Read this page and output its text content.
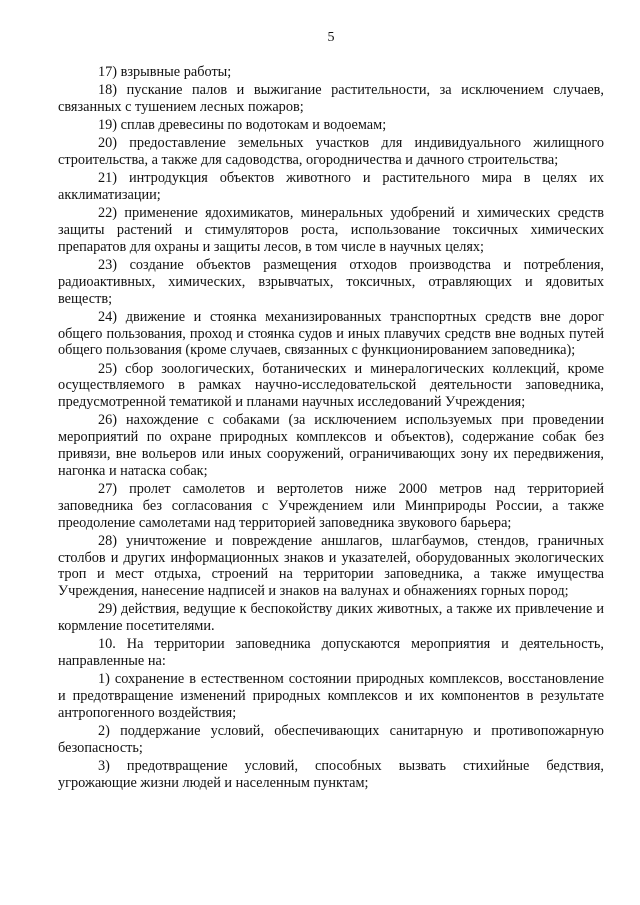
5

17) взрывные работы;

18) пускание палов и выжигание растительности, за исключением случаев, связанных с тушением лесных пожаров;

19) сплав древесины по водотокам и водоемам;

20) предоставление земельных участков для индивидуального жилищного строительства, а также для садоводства, огородничества и дачного строительства;

21) интродукция объектов животного и растительного мира в целях их акклиматизации;

22) применение ядохимикатов, минеральных удобрений и химических средств защиты растений и стимуляторов роста, использование токсичных химических препаратов для охраны и защиты лесов, в том числе в научных целях;

23) создание объектов размещения отходов производства и потребления, радиоактивных, химических, взрывчатых, токсичных, отравляющих и ядовитых веществ;

24) движение и стоянка механизированных транспортных средств вне дорог общего пользования, проход и стоянка судов и иных плавучих средств вне водных путей общего пользования (кроме случаев, связанных с функционированием заповедника);

25) сбор зоологических, ботанических и минералогических коллекций, кроме осуществляемого в рамках научно-исследовательской деятельности заповедника, предусмотренной тематикой и планами научных исследований Учреждения;

26) нахождение с собаками (за исключением используемых при проведении мероприятий по охране природных комплексов и объектов), содержание собак без привязи, вне вольеров или иных сооружений, ограничивающих зону их передвижения, нагонка и натаска собак;

27) пролет самолетов и вертолетов ниже 2000 метров над территорией заповедника без согласования с Учреждением или Минприроды России, а также преодоление самолетами над территорией заповедника звукового барьера;

28) уничтожение и повреждение аншлагов, шлагбаумов, стендов, граничных столбов и других информационных знаков и указателей, оборудованных экологических троп и мест отдыха, строений на территории заповедника, а также имущества Учреждения, нанесение надписей и знаков на валунах и обнажениях горных пород;

29) действия, ведущие к беспокойству диких животных, а также их привлечение и кормление посетителями.

10. На территории заповедника допускаются мероприятия и деятельность, направленные на:

1) сохранение в естественном состоянии природных комплексов, восстановление и предотвращение изменений природных комплексов и их компонентов в результате антропогенного воздействия;

2) поддержание условий, обеспечивающих санитарную и противопожарную безопасность;

3) предотвращение условий, способных вызвать стихийные бедствия, угрожающие жизни людей и населенным пунктам;
